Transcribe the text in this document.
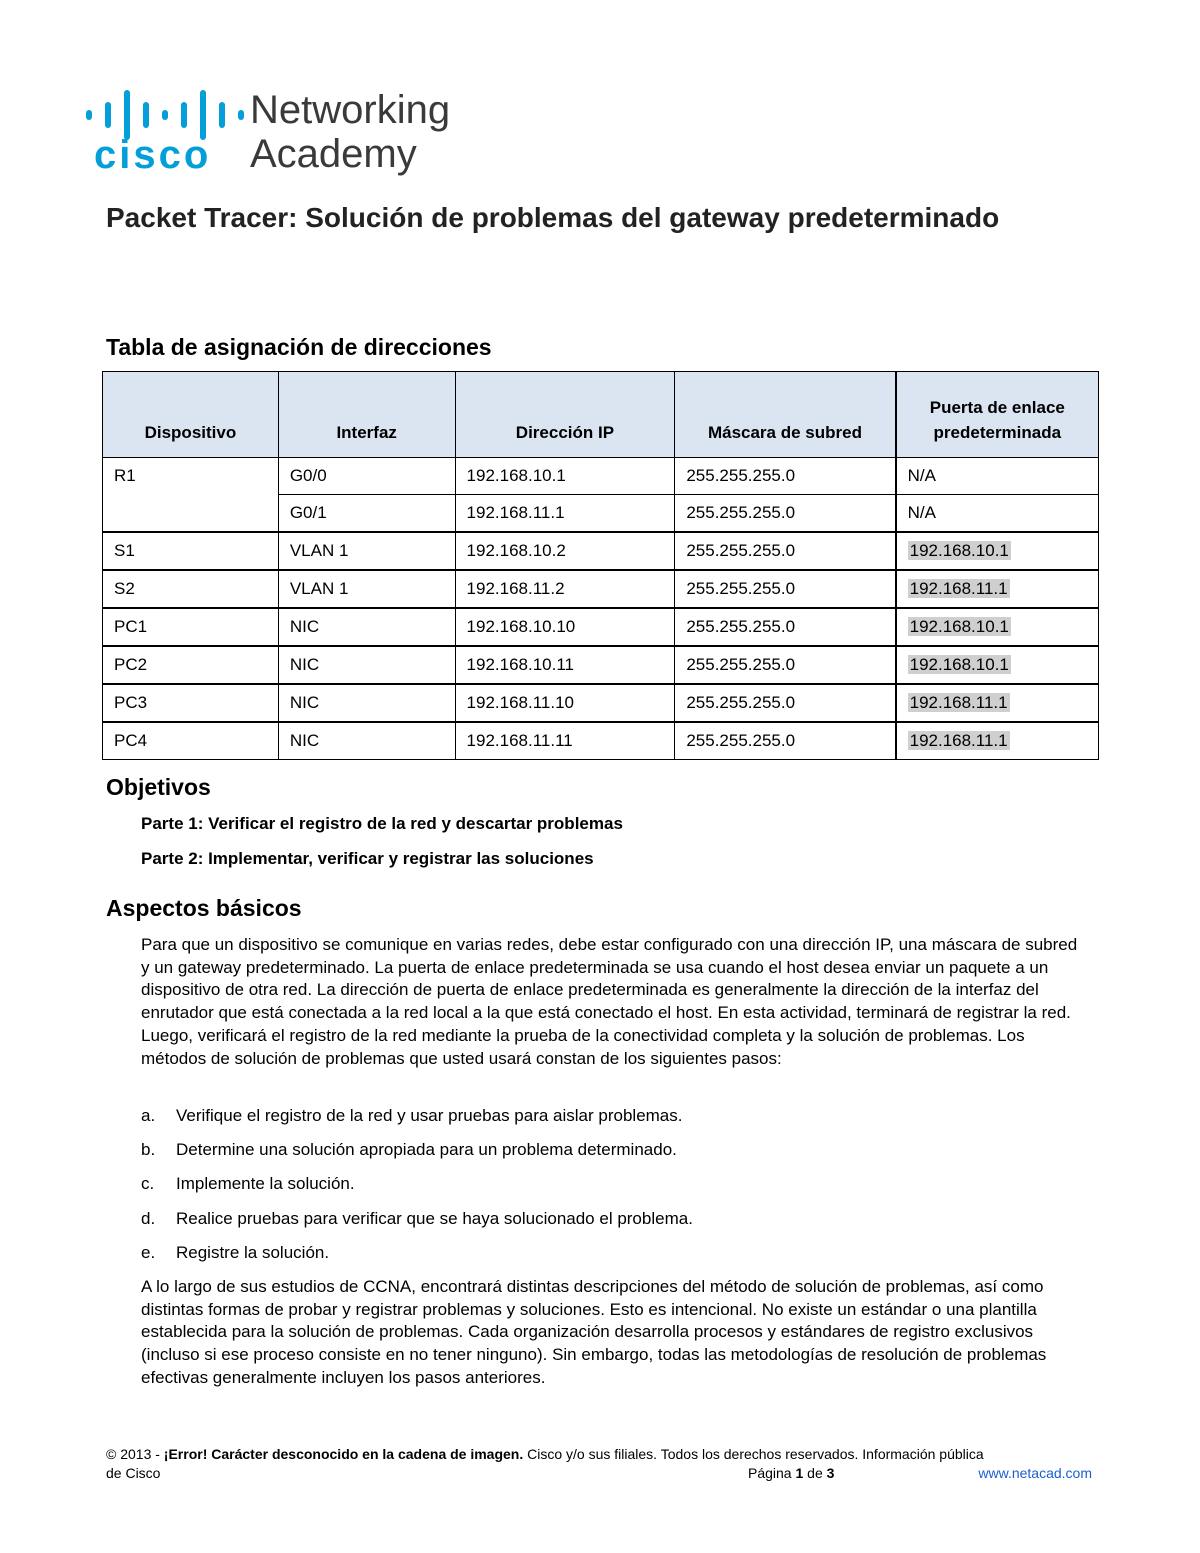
cisco
Networking
Academy
Packet Tracer: Solución de problemas del gateway predeterminado
Tabla de asignación de direcciones
Dispositivo	Interfaz	Dirección IP	Máscara de subred	Puerta de enlace predeterminada
R1	G0/0	192.168.10.1	255.255.255.0	N/A
	G0/1	192.168.11.1	255.255.255.0	N/A
S1	VLAN 1	192.168.10.2	255.255.255.0	192.168.10.1
S2	VLAN 1	192.168.11.2	255.255.255.0	192.168.11.1
PC1	NIC	192.168.10.10	255.255.255.0	192.168.10.1
PC2	NIC	192.168.10.11	255.255.255.0	192.168.10.1
PC3	NIC	192.168.11.10	255.255.255.0	192.168.11.1
PC4	NIC	192.168.11.11	255.255.255.0	192.168.11.1
Objetivos
Parte 1: Verificar el registro de la red y descartar problemas
Parte 2: Implementar, verificar y registrar las soluciones
Aspectos básicos
Para que un dispositivo se comunique en varias redes, debe estar configurado con una dirección IP, una máscara de subred y un gateway predeterminado. La puerta de enlace predeterminada se usa cuando el host desea enviar un paquete a un dispositivo de otra red. La dirección de puerta de enlace predeterminada es generalmente la dirección de la interfaz del enrutador que está conectada a la red local a la que está conectado el host. En esta actividad, terminará de registrar la red. Luego, verificará el registro de la red mediante la prueba de la conectividad completa y la solución de problemas. Los métodos de solución de problemas que usted usará constan de los siguientes pasos:
a. Verifique el registro de la red y usar pruebas para aislar problemas.
b. Determine una solución apropiada para un problema determinado.
c. Implemente la solución.
d. Realice pruebas para verificar que se haya solucionado el problema.
e. Registre la solución.
A lo largo de sus estudios de CCNA, encontrará distintas descripciones del método de solución de problemas, así como distintas formas de probar y registrar problemas y soluciones. Esto es intencional. No existe un estándar o una plantilla establecida para la solución de problemas. Cada organización desarrolla procesos y estándares de registro exclusivos (incluso si ese proceso consiste en no tener ninguno). Sin embargo, todas las metodologías de resolución de problemas efectivas generalmente incluyen los pasos anteriores.
© 2013 - ¡Error! Carácter desconocido en la cadena de imagen. Cisco y/o sus filiales. Todos los derechos reservados. Información pública
de Cisco	Página 1 de 3	www.netacad.com
